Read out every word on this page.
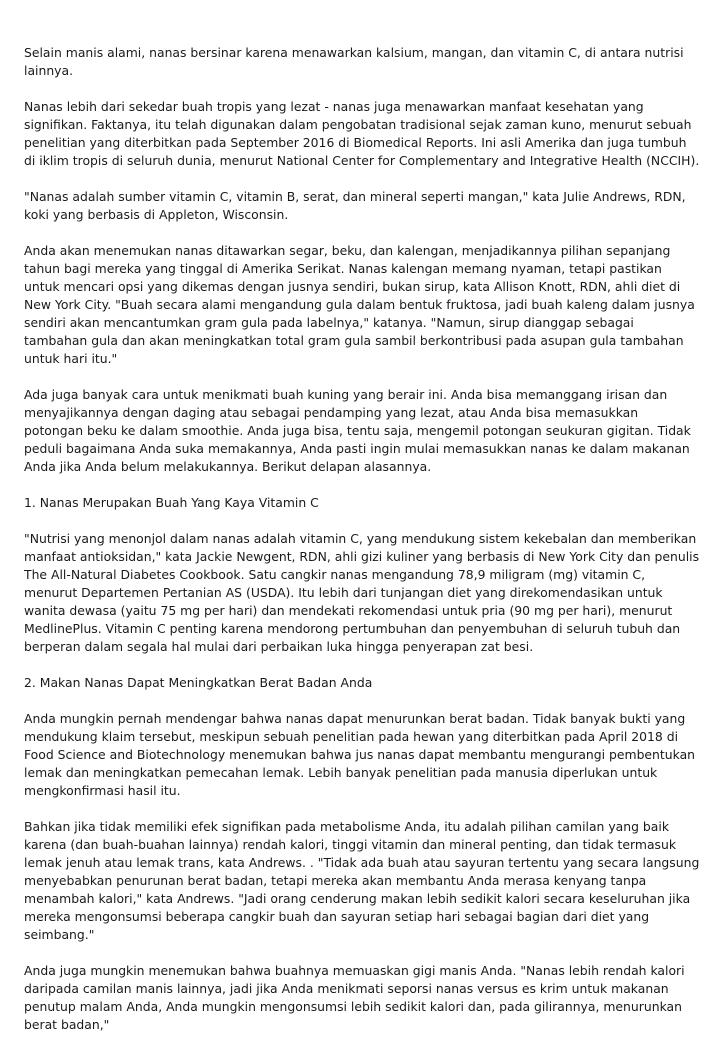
Selain manis alami, nanas bersinar karena menawarkan kalsium, mangan, dan vitamin C, di antara nutrisi lainnya.

Nanas lebih dari sekedar buah tropis yang lezat - nanas juga menawarkan manfaat kesehatan yang signifikan. Faktanya, itu telah digunakan dalam pengobatan tradisional sejak zaman kuno, menurut sebuah penelitian yang diterbitkan pada September 2016 di Biomedical Reports. Ini asli Amerika dan juga tumbuh di iklim tropis di seluruh dunia, menurut National Center for Complementary and Integrative Health (NCCIH).

"Nanas adalah sumber vitamin C, vitamin B, serat, dan mineral seperti mangan," kata Julie Andrews, RDN, koki yang berbasis di Appleton, Wisconsin.

Anda akan menemukan nanas ditawarkan segar, beku, dan kalengan, menjadikannya pilihan sepanjang tahun bagi mereka yang tinggal di Amerika Serikat. Nanas kalengan memang nyaman, tetapi pastikan untuk mencari opsi yang dikemas dengan jusnya sendiri, bukan sirup, kata Allison Knott, RDN, ahli diet di New York City. "Buah secara alami mengandung gula dalam bentuk fruktosa, jadi buah kaleng dalam jusnya sendiri akan mencantumkan gram gula pada labelnya," katanya. "Namun, sirup dianggap sebagai tambahan gula dan akan meningkatkan total gram gula sambil berkontribusi pada asupan gula tambahan untuk hari itu."

Ada juga banyak cara untuk menikmati buah kuning yang berair ini. Anda bisa memanggang irisan dan menyajikannya dengan daging atau sebagai pendamping yang lezat, atau Anda bisa memasukkan potongan beku ke dalam smoothie. Anda juga bisa, tentu saja, mengemil potongan seukuran gigitan. Tidak peduli bagaimana Anda suka memakannya, Anda pasti ingin mulai memasukkan nanas ke dalam makanan Anda jika Anda belum melakukannya. Berikut delapan alasannya.

1. Nanas Merupakan Buah Yang Kaya Vitamin C

"Nutrisi yang menonjol dalam nanas adalah vitamin C, yang mendukung sistem kekebalan dan memberikan manfaat antioksidan," kata Jackie Newgent, RDN, ahli gizi kuliner yang berbasis di New York City dan penulis The All-Natural Diabetes Cookbook. Satu cangkir nanas mengandung 78,9 miligram (mg) vitamin C, menurut Departemen Pertanian AS (USDA). Itu lebih dari tunjangan diet yang direkomendasikan untuk wanita dewasa (yaitu 75 mg per hari) dan mendekati rekomendasi untuk pria (90 mg per hari), menurut MedlinePlus. Vitamin C penting karena mendorong pertumbuhan dan penyembuhan di seluruh tubuh dan berperan dalam segala hal mulai dari perbaikan luka hingga penyerapan zat besi.

2. Makan Nanas Dapat Meningkatkan Berat Badan Anda

Anda mungkin pernah mendengar bahwa nanas dapat menurunkan berat badan. Tidak banyak bukti yang mendukung klaim tersebut, meskipun sebuah penelitian pada hewan yang diterbitkan pada April 2018 di Food Science and Biotechnology menemukan bahwa jus nanas dapat membantu mengurangi pembentukan lemak dan meningkatkan pemecahan lemak. Lebih banyak penelitian pada manusia diperlukan untuk mengkonfirmasi hasil itu.

Bahkan jika tidak memiliki efek signifikan pada metabolisme Anda, itu adalah pilihan camilan yang baik karena (dan buah-buahan lainnya) rendah kalori, tinggi vitamin dan mineral penting, dan tidak termasuk lemak jenuh atau lemak trans, kata Andrews. . "Tidak ada buah atau sayuran tertentu yang secara langsung menyebabkan penurunan berat badan, tetapi mereka akan membantu Anda merasa kenyang tanpa menambah kalori," kata Andrews. "Jadi orang cenderung makan lebih sedikit kalori secara keseluruhan jika mereka mengonsumsi beberapa cangkir buah dan sayuran setiap hari sebagai bagian dari diet yang seimbang."

Anda juga mungkin menemukan bahwa buahnya memuaskan gigi manis Anda. "Nanas lebih rendah kalori daripada camilan manis lainnya, jadi jika Anda menikmati seporsi nanas versus es krim untuk makanan penutup malam Anda, Anda mungkin mengonsumsi lebih sedikit kalori dan, pada gilirannya, menurunkan berat badan,"
